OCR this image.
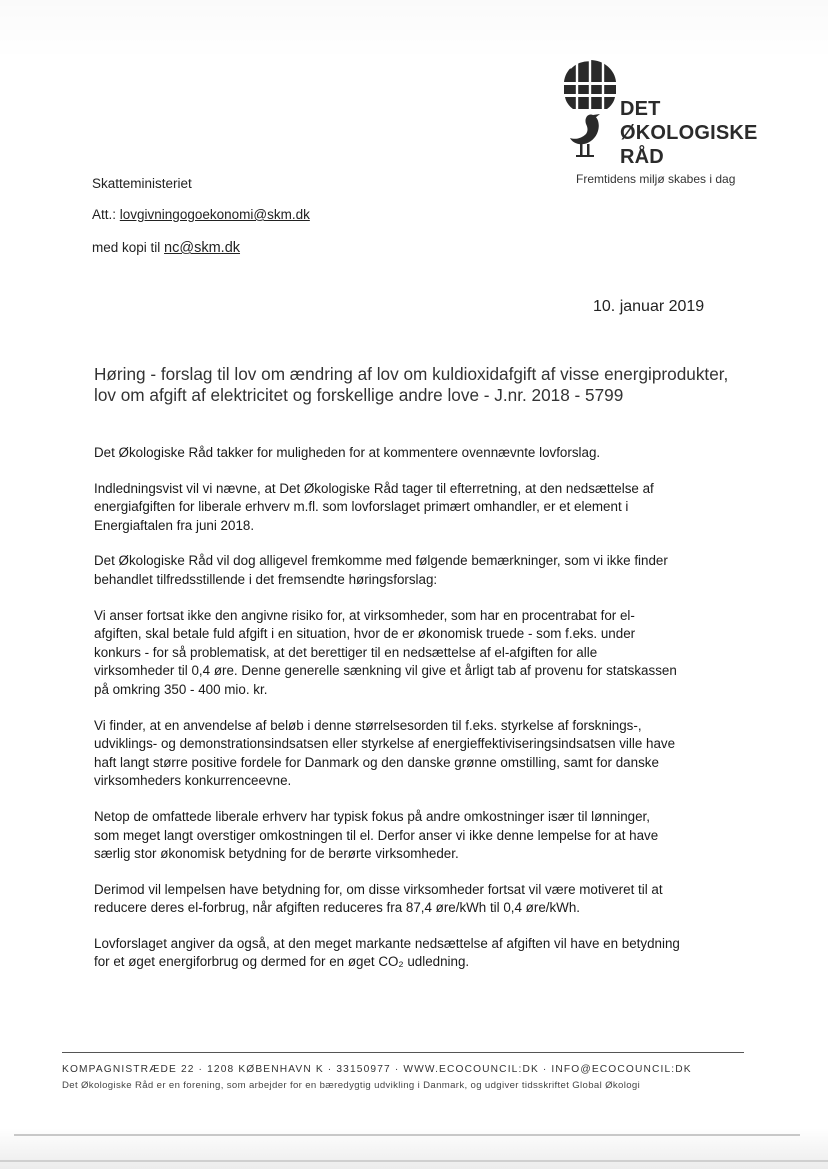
DET
ØKOLOGISKE
RÅD
Fremtidens miljø skabes i dag
Skatteministeriet
Att.: lovgivningogoekonomi@skm.dk
med kopi til nc@skm.dk
10. januar 2019
Høring - forslag til lov om ændring af lov om kuldioxidafgift af visse energiprodukter,
lov om afgift af elektricitet og forskellige andre love - J.nr. 2018 - 5799

Det Økologiske Råd takker for muligheden for at kommentere ovennævnte lovforslag.

Indledningsvist vil vi nævne, at Det Økologiske Råd tager til efterretning, at den nedsættelse af
energiafgiften for liberale erhverv m.fl. som lovforslaget primært omhandler, er et element i
Energiaftalen fra juni 2018.

Det Økologiske Råd vil dog alligevel fremkomme med følgende bemærkninger, som vi ikke finder
behandlet tilfredsstillende i det fremsendte høringsforslag:

Vi anser fortsat ikke den angivne risiko for, at virksomheder, som har en procentrabat for el-
afgiften, skal betale fuld afgift i en situation, hvor de er økonomisk truede - som f.eks. under
konkurs - for så problematisk, at det berettiger til en nedsættelse af el-afgiften for alle
virksomheder til 0,4 øre. Denne generelle sænkning vil give et årligt tab af provenu for statskassen
på omkring 350 - 400 mio. kr.

Vi finder, at en anvendelse af beløb i denne størrelsesorden til f.eks. styrkelse af forsknings-,
udviklings- og demonstrationsindsatsen eller styrkelse af energieffektiviseringsindsatsen ville have
haft langt større positive fordele for Danmark og den danske grønne omstilling, samt for danske
virksomheders konkurrenceevne.

Netop de omfattede liberale erhverv har typisk fokus på andre omkostninger især til lønninger,
som meget langt overstiger omkostningen til el. Derfor anser vi ikke denne lempelse for at have
særlig stor økonomisk betydning for de berørte virksomheder.

Derimod vil lempelsen have betydning for, om disse virksomheder fortsat vil være motiveret til at
reducere deres el-forbrug, når afgiften reduceres fra 87,4 øre/kWh til 0,4 øre/kWh.

Lovforslaget angiver da også, at den meget markante nedsættelse af afgiften vil have en betydning
for et øget energiforbrug og dermed for en øget CO₂ udledning.

KOMPAGNISTRÆDE 22 · 1208 KØBENHAVN K · 33150977 · WWW.ECOCOUNCIL:DK · INFO@ECOCOUNCIL:DK
Det Økologiske Råd er en forening, som arbejder for en bæredygtig udvikling i Danmark, og udgiver tidsskriftet Global Økologi
